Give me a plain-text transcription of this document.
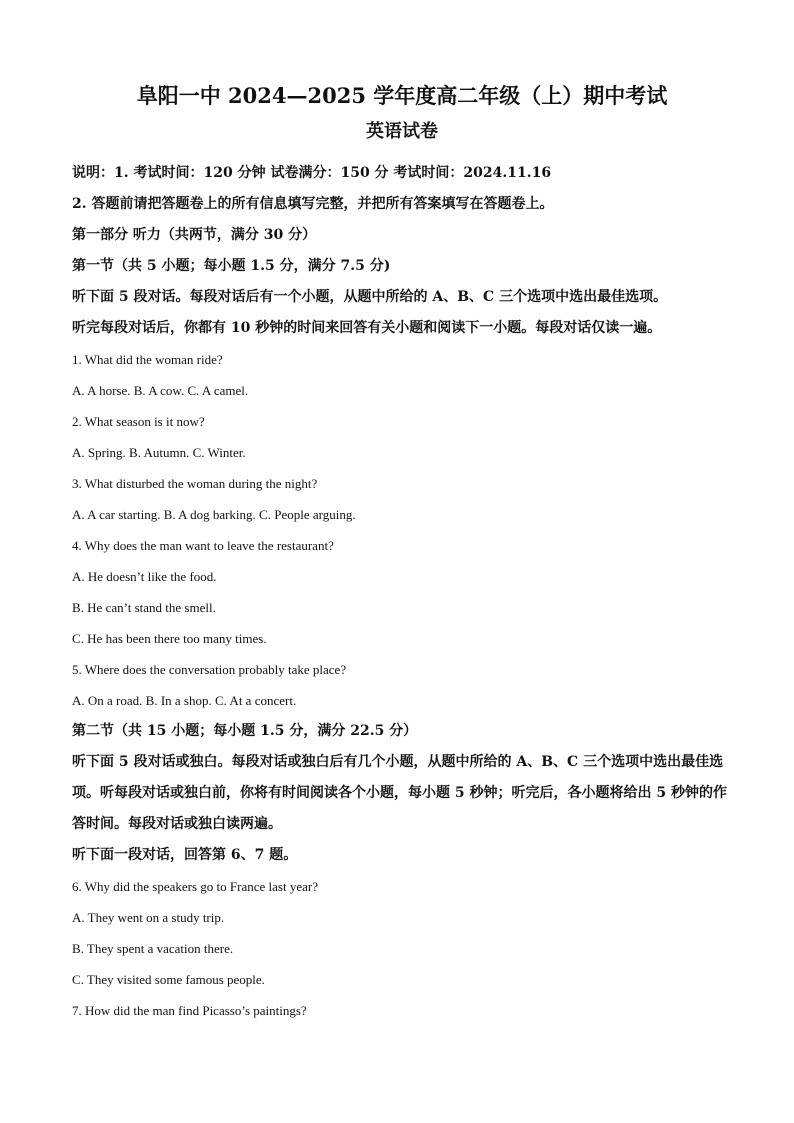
阜阳一中 2024—2025 学年度高二年级（上）期中考试
英语试卷

说明：1. 考试时间：120 分钟 试卷满分：150 分 考试时间：2024.11.16

2. 答题前请把答题卷上的所有信息填写完整，并把所有答案填写在答题卷上。

第一部分 听力（共两节，满分 30 分）

第一节（共 5 小题；每小题 1.5 分，满分 7.5 分)

听下面 5 段对话。每段对话后有一个小题，从题中所给的 A、B、C 三个选项中选出最佳选项。

听完每段对话后，你都有 10 秒钟的时间来回答有关小题和阅读下一小题。每段对话仅读一遍。

1. What did the woman ride?

A. A horse. B. A cow. C. A camel.

2. What season is it now?

A. Spring. B. Autumn. C. Winter.

3. What disturbed the woman during the night?

A. A car starting. B. A dog barking. C. People arguing.

4. Why does the man want to leave the restaurant?

A. He doesn’t like the food.

B. He can’t stand the smell.

C. He has been there too many times.

5. Where does the conversation probably take place?

A. On a road. B. In a shop. C. At a concert.

第二节（共 15 小题；每小题 1.5 分，满分 22.5 分）

听下面 5 段对话或独白。每段对话或独白后有几个小题，从题中所给的 A、B、C 三个选项中选出最佳选项。听每段对话或独白前，你将有时间阅读各个小题，每小题 5 秒钟；听完后，各小题将给出 5 秒钟的作答时间。每段对话或独白读两遍。

听下面一段对话，回答第 6、7 题。

6. Why did the speakers go to France last year?

A. They went on a study trip.

B. They spent a vacation there.

C. They visited some famous people.

7. How did the man find Picasso’s paintings?
